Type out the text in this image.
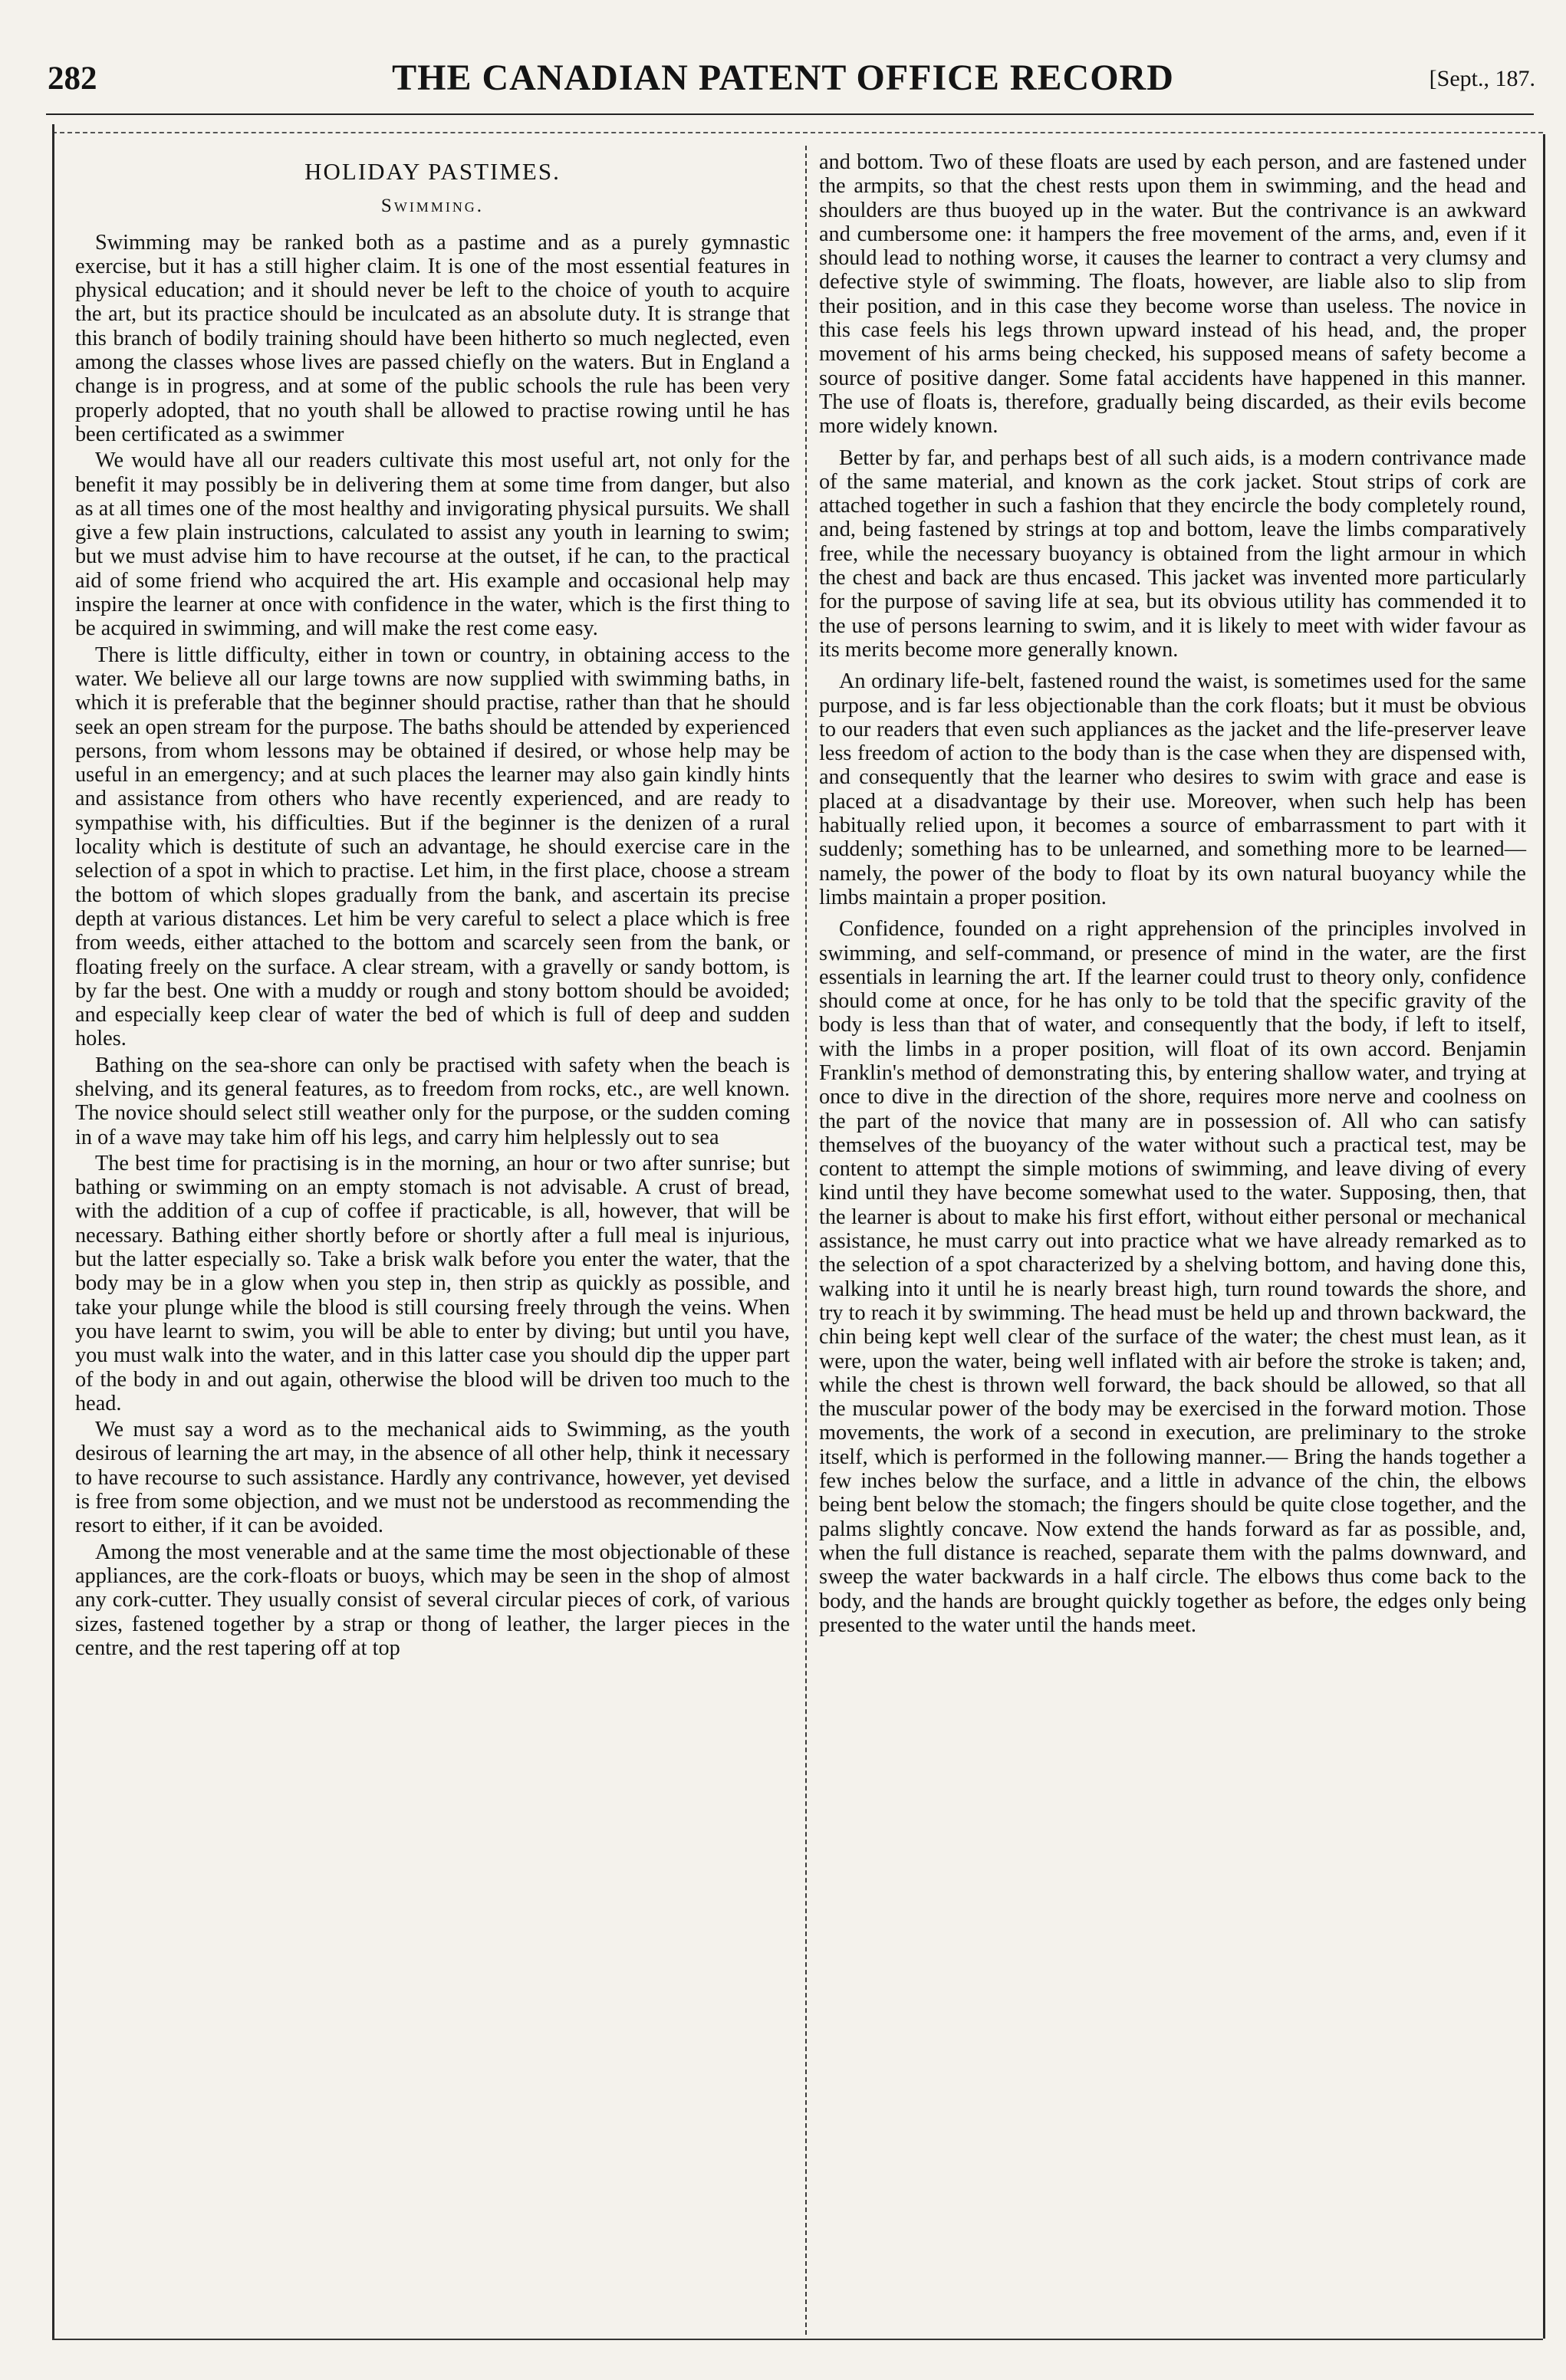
282	THE CANADIAN PATENT OFFICE RECORD	[Sept., 187.
HOLIDAY PASTIMES.
Swimming.

Swimming may be ranked both as a pastime and as a purely gymnastic exercise, but it has a still higher claim. It is one of the most essential features in physical education; and it should never be left to the choice of youth to acquire the art, but its practice should be inculcated as an absolute duty. It is strange that this branch of bodily training should have been hitherto so much neglected, even among the classes whose lives are passed chiefly on the waters. But in England a change is in progress, and at some of the public schools the rule has been very properly adopted, that no youth shall be allowed to practise rowing until he has been certificated as a swimmer

We would have all our readers cultivate this most useful art, not only for the benefit it may possibly be in delivering them at some time from danger, but also as at all times one of the most healthy and invigorating physical pursuits. We shall give a few plain instructions, calculated to assist any youth in learning to swim; but we must advise him to have recourse at the outset, if he can, to the practical aid of some friend who acquired the art. His example and occasional help may inspire the learner at once with confidence in the water, which is the first thing to be acquired in swimming, and will make the rest come easy.

There is little difficulty, either in town or country, in obtaining access to the water. We believe all our large towns are now supplied with swimming baths, in which it is preferable that the beginner should practise, rather than that he should seek an open stream for the purpose. The baths should be attended by experienced persons, from whom lessons may be obtained if desired, or whose help may be useful in an emergency; and at such places the learner may also gain kindly hints and assistance from others who have recently experienced, and are ready to sympathise with, his difficulties. But if the beginner is the denizen of a rural locality which is destitute of such an advantage, he should exercise care in the selection of a spot in which to practise. Let him, in the first place, choose a stream the bottom of which slopes gradually from the bank, and ascertain its precise depth at various distances. Let him be very careful to select a place which is free from weeds, either attached to the bottom and scarcely seen from the bank, or floating freely on the surface. A clear stream, with a gravelly or sandy bottom, is by far the best. One with a muddy or rough and stony bottom should be avoided; and especially keep clear of water the bed of which is full of deep and sudden holes.

Bathing on the sea-shore can only be practised with safety when the beach is shelving, and its general features, as to freedom from rocks, etc., are well known. The novice should select still weather only for the purpose, or the sudden coming in of a wave may take him off his legs, and carry him helplessly out to sea

The best time for practising is in the morning, an hour or two after sunrise; but bathing or swimming on an empty stomach is not advisable. A crust of bread, with the addition of a cup of coffee if practicable, is all, however, that will be necessary. Bathing either shortly before or shortly after a full meal is injurious, but the latter especially so. Take a brisk walk before you enter the water, that the body may be in a glow when you step in, then strip as quickly as possible, and take your plunge while the blood is still coursing freely through the veins. When you have learnt to swim, you will be able to enter by diving; but until you have, you must walk into the water, and in this latter case you should dip the upper part of the body in and out again, otherwise the blood will be driven too much to the head.

We must say a word as to the mechanical aids to Swimming, as the youth desirous of learning the art may, in the absence of all other help, think it necessary to have recourse to such assistance. Hardly any contrivance, however, yet devised is free from some objection, and we must not be understood as recommending the resort to either, if it can be avoided.

Among the most venerable and at the same time the most objectionable of these appliances, are the cork-floats or buoys, which may be seen in the shop of almost any cork-cutter. They usually consist of several circular pieces of cork, of various sizes, fastened together by a strap or thong of leather, the larger pieces in the centre, and the rest tapering off at top

and bottom. Two of these floats are used by each person, and are fastened under the armpits, so that the chest rests upon them in swimming, and the head and shoulders are thus buoyed up in the water. But the contrivance is an awkward and cumbersome one: it hampers the free movement of the arms, and, even if it should lead to nothing worse, it causes the learner to contract a very clumsy and defective style of swimming. The floats, however, are liable also to slip from their position, and in this case they become worse than useless. The novice in this case feels his legs thrown upward instead of his head, and, the proper movement of his arms being checked, his supposed means of safety become a source of positive danger. Some fatal accidents have happened in this manner. The use of floats is, therefore, gradually being discarded, as their evils become more widely known.

Better by far, and perhaps best of all such aids, is a modern contrivance made of the same material, and known as the cork jacket. Stout strips of cork are attached together in such a fashion that they encircle the body completely round, and, being fastened by strings at top and bottom, leave the limbs comparatively free, while the necessary buoyancy is obtained from the light armour in which the chest and back are thus encased. This jacket was invented more particularly for the purpose of saving life at sea, but its obvious utility has commended it to the use of persons learning to swim, and it is likely to meet with wider favour as its merits become more generally known.

An ordinary life-belt, fastened round the waist, is sometimes used for the same purpose, and is far less objectionable than the cork floats; but it must be obvious to our readers that even such appliances as the jacket and the life-preserver leave less freedom of action to the body than is the case when they are dispensed with, and consequently that the learner who desires to swim with grace and ease is placed at a disadvantage by their use. Moreover, when such help has been habitually relied upon, it becomes a source of embarrassment to part with it suddenly; something has to be unlearned, and something more to be learned—namely, the power of the body to float by its own natural buoyancy while the limbs maintain a proper position.

Confidence, founded on a right apprehension of the principles involved in swimming, and self-command, or presence of mind in the water, are the first essentials in learning the art. If the learner could trust to theory only, confidence should come at once, for he has only to be told that the specific gravity of the body is less than that of water, and consequently that the body, if left to itself, with the limbs in a proper position, will float of its own accord. Benjamin Franklin's method of demonstrating this, by entering shallow water, and trying at once to dive in the direction of the shore, requires more nerve and coolness on the part of the novice that many are in possession of. All who can satisfy themselves of the buoyancy of the water without such a practical test, may be content to attempt the simple motions of swimming, and leave diving of every kind until they have become somewhat used to the water. Supposing, then, that the learner is about to make his first effort, without either personal or mechanical assistance, he must carry out into practice what we have already remarked as to the selection of a spot characterized by a shelving bottom, and having done this, walking into it until he is nearly breast high, turn round towards the shore, and try to reach it by swimming. The head must be held up and thrown backward, the chin being kept well clear of the surface of the water; the chest must lean, as it were, upon the water, being well inflated with air before the stroke is taken; and, while the chest is thrown well forward, the back should be allowed, so that all the muscular power of the body may be exercised in the forward motion. Those movements, the work of a second in execution, are preliminary to the stroke itself, which is performed in the following manner.— Bring the hands together a few inches below the surface, and a little in advance of the chin, the elbows being bent below the stomach; the fingers should be quite close together, and the palms slightly concave. Now extend the hands forward as far as possible, and, when the full distance is reached, separate them with the palms downward, and sweep the water backwards in a half circle. The elbows thus come back to the body, and the hands are brought quickly together as before, the edges only being presented to the water until the hands meet.
